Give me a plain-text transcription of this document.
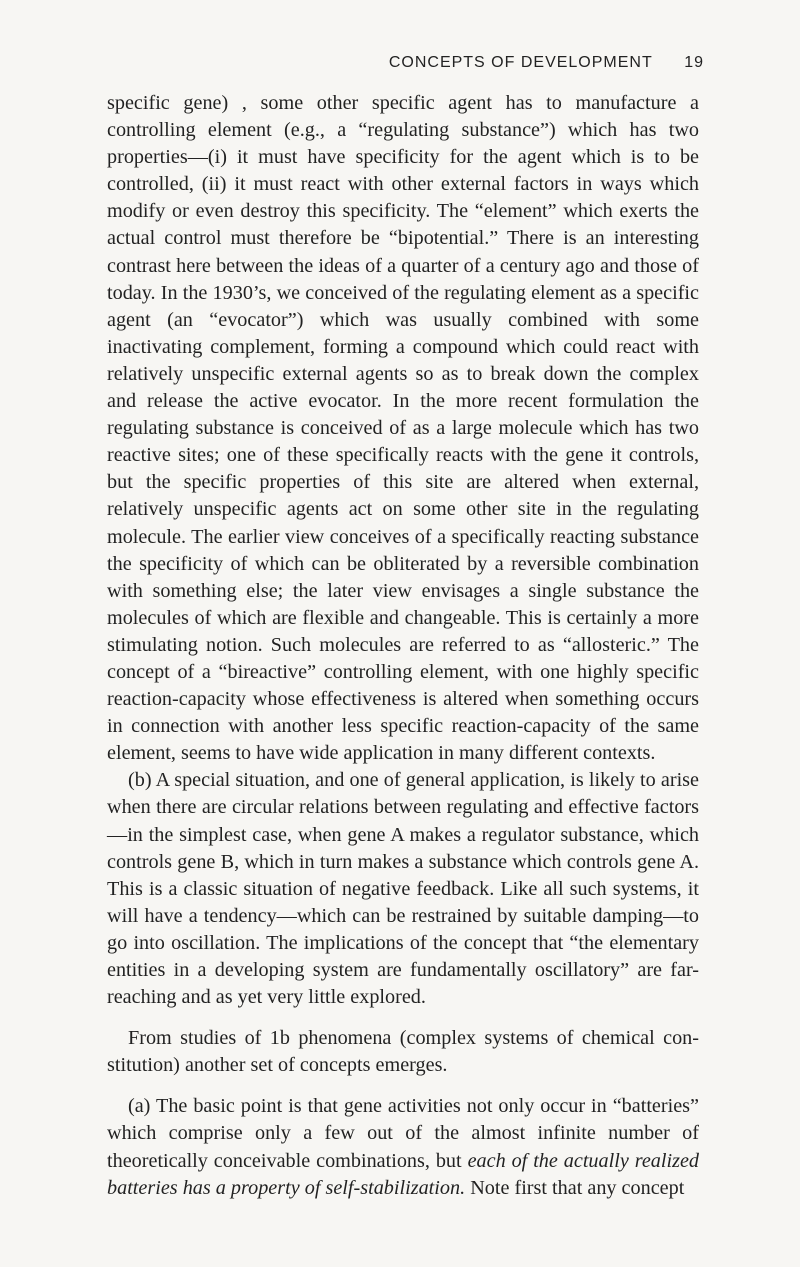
CONCEPTS OF DEVELOPMENT 19

specific gene) , some other specific agent has to manufacture a controlling element (e.g., a “regulating substance”) which has two properties—(i) it must have specificity for the agent which is to be controlled, (ii) it must react with other external factors in ways which modify or even destroy this specificity. The “element” which exerts the actual control must therefore be “bipotential.” There is an interesting contrast here between the ideas of a quarter of a century ago and those of today. In the 1930’s, we conceived of the regulating element as a specific agent (an “evocator”) which was usually combined with some inactivating complement, forming a compound which could react with relatively unspecific external agents so as to break down the complex and release the active evocator. In the more recent formulation the regulating substance is conceived of as a large molecule which has two reactive sites; one of these specifically reacts with the gene it controls, but the specific properties of this site are altered when external, relatively unspecific agents act on some other site in the regulating molecule. The earlier view conceives of a specifically reacting substance the specificity of which can be obliterated by a reversible combination with something else; the later view envisages a single substance the molecules of which are flexible and changeable. This is certainly a more stimulating notion. Such molecules are referred to as “allosteric.” The concept of a “bireactive” controlling element, with one highly specific reaction-capacity whose effectiveness is altered when something occurs in connection with another less specific reaction-capacity of the same element, seems to have wide application in many different contexts.

(b) A special situation, and one of general application, is likely to arise when there are circular relations between regulating and effective factors—in the simplest case, when gene A makes a regulator substance, which controls gene B, which in turn makes a substance which controls gene A. This is a classic situation of negative feedback. Like all such systems, it will have a tendency—which can be restrained by suitable damping—to go into oscillation. The implications of the concept that “the elementary entities in a developing system are fundamentally oscillatory” are far-reaching and as yet very little explored.

From studies of 1b phenomena (complex systems of chemical constitution) another set of concepts emerges.

(a) The basic point is that gene activities not only occur in “batteries” which comprise only a few out of the almost infinite number of theoretically conceivable combinations, but each of the actually realized batteries has a property of self-stabilization. Note first that any concept
